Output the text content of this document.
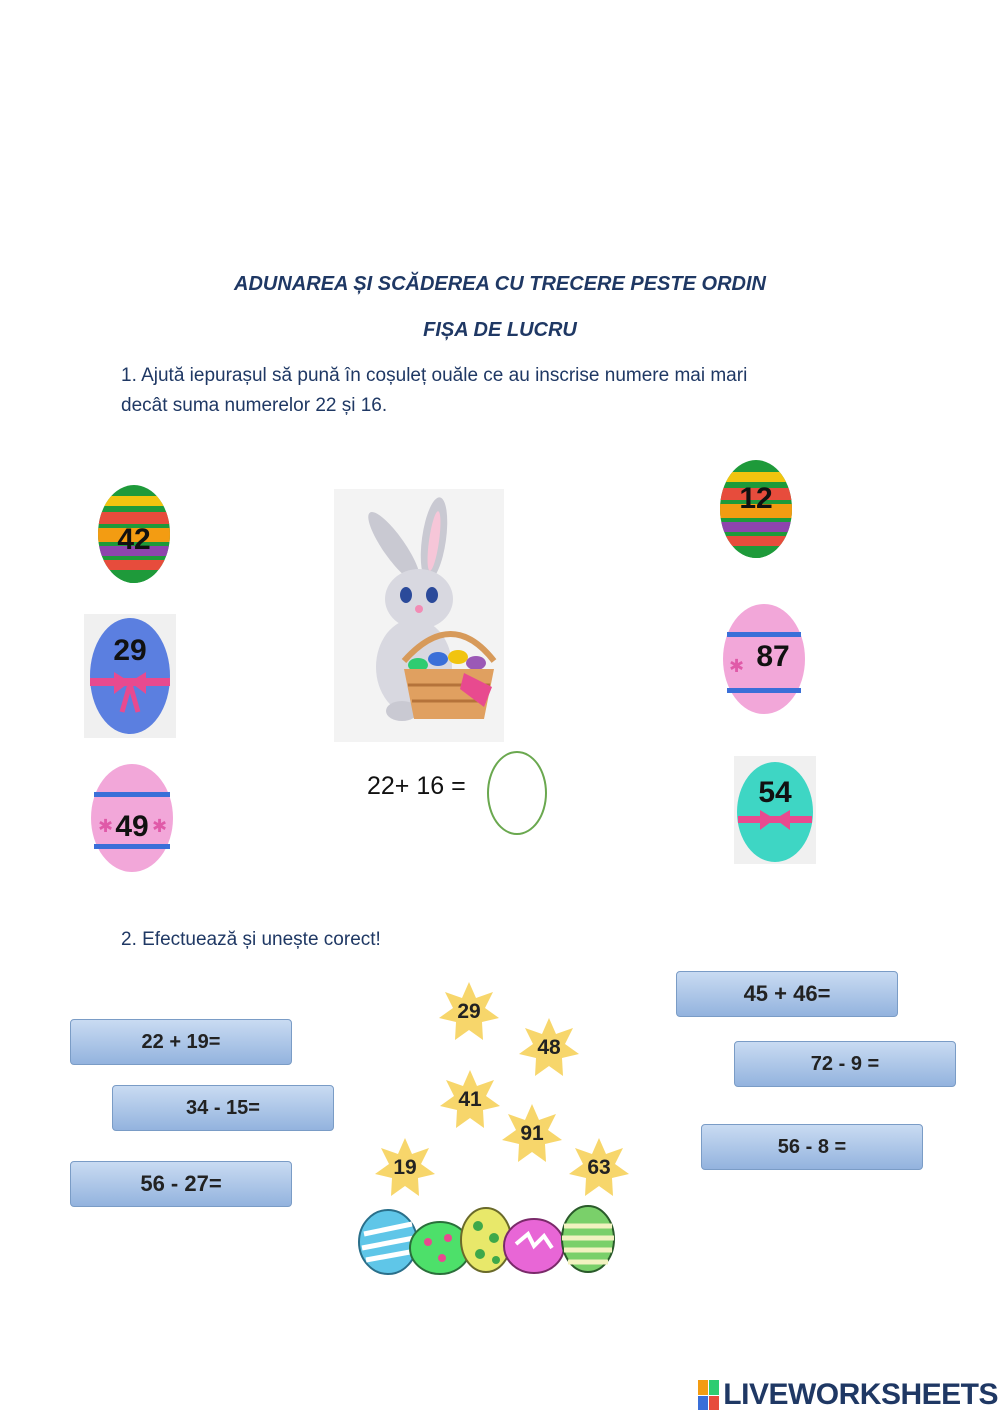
ADUNAREA ȘI SCĂDEREA CU TRECERE PESTE ORDIN
FIȘA DE LUCRU
1. Ajută iepurașul să pună în coșuleț ouăle ce au inscrise numere mai mari
decât suma numerelor 22 și 16.
42
29
✱ ✱
49
22+ 16 =
12
✱ 87
54
2. Efectuează și unește corect!
22 + 19=
34 - 15=
56 - 27=
45 + 46=
72 - 9 =
56 - 8 =
29
48
41
91
19	63
LIVEWORKSHEETS
